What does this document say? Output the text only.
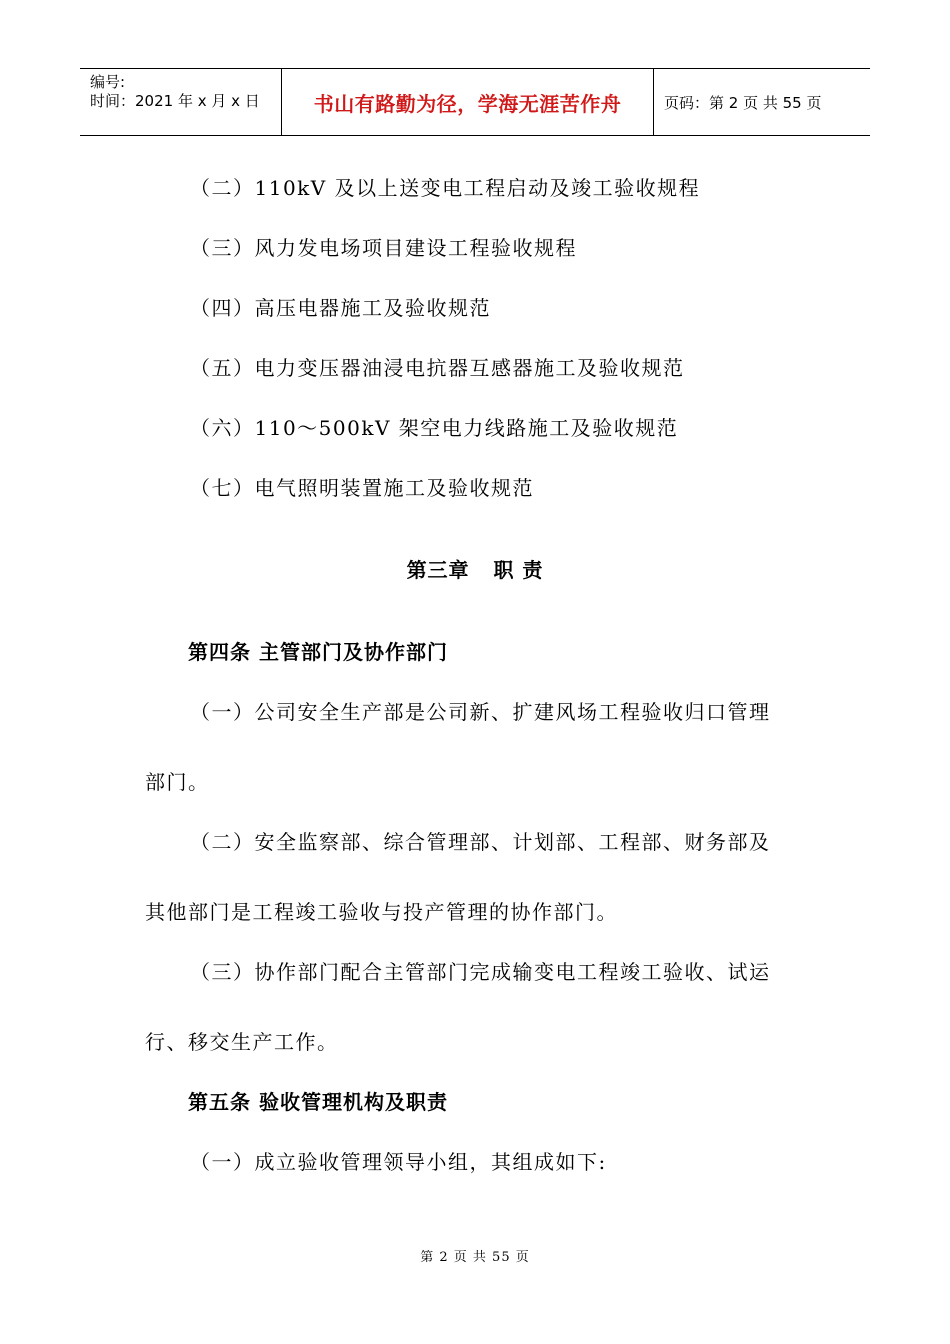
编号:
时间：2021 年 x 月 x 日	书山有路勤为径，学海无涯苦作舟	页码：第 2 页 共 55 页
（二）110kV 及以上送变电工程启动及竣工验收规程
（三）风力发电场项目建设工程验收规程
（四）高压电器施工及验收规范
（五）电力变压器油浸电抗器互感器施工及验收规范
（六）110～500kV 架空电力线路施工及验收规范
（七）电气照明装置施工及验收规范
第三章   职 责
第四条 主管部门及协作部门
（一）公司安全生产部是公司新、扩建风场工程验收归口管理
部门。
（二）安全监察部、综合管理部、计划部、工程部、财务部及
其他部门是工程竣工验收与投产管理的协作部门。
（三）协作部门配合主管部门完成输变电工程竣工验收、试运
行、移交生产工作。
第五条 验收管理机构及职责
（一）成立验收管理领导小组，其组成如下:
第 2 页 共 55 页
